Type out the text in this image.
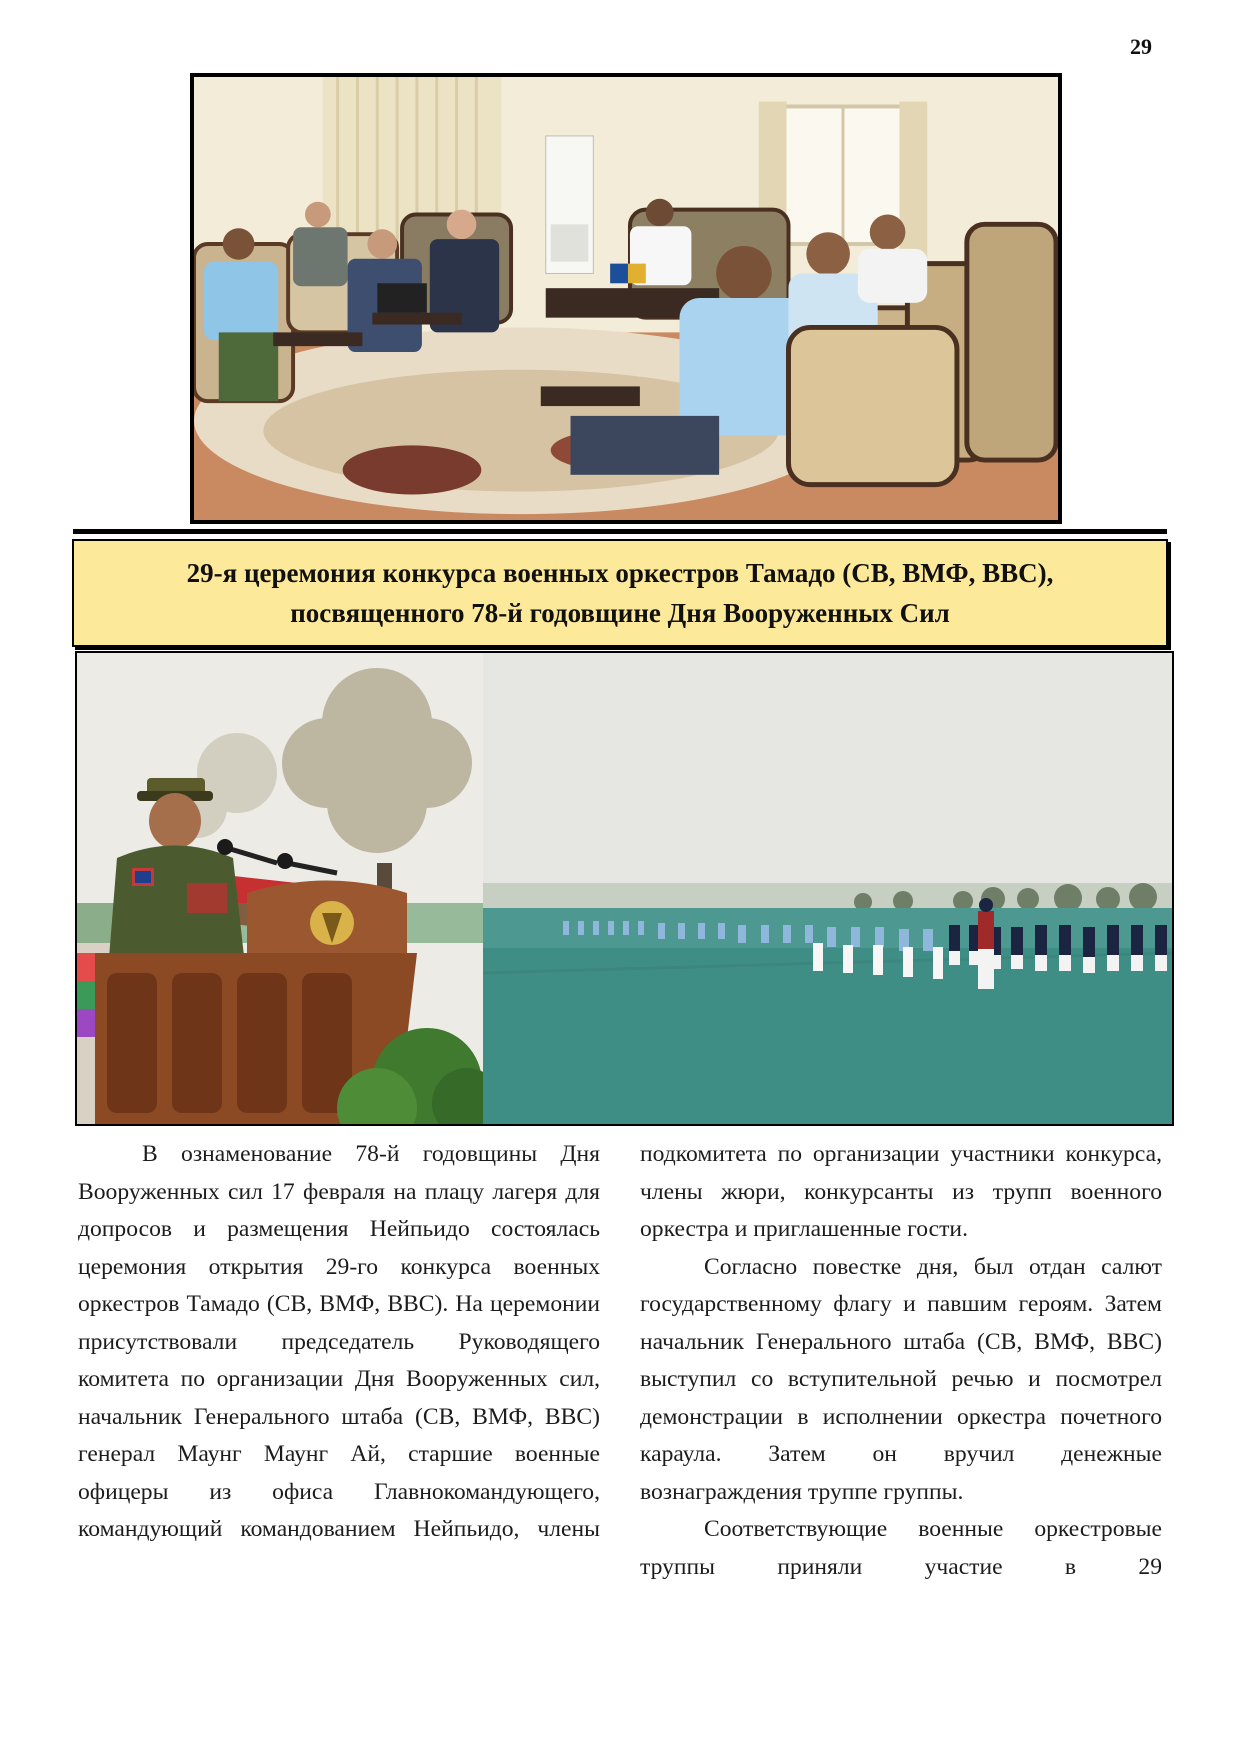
29

29-я церемония конкурса военных оркестров Тамадо (СВ, ВМФ, ВВС),

посвященного 78-й годовщине Дня Вооруженных Сил

В ознаменование 78-й годовщины Дня Вооруженных сил 17 февраля на плацу лагеря для допросов и размещения Нейпьидо состоялась церемония открытия 29-го конкурса военных оркестров Тамадо (СВ, ВМФ, ВВС). На церемонии присутствовали председатель Руководящего комитета по организации Дня Вооруженных сил, начальник Генерального штаба (СВ, ВМФ, ВВС) генерал Маунг Маунг Ай, старшие военные офицеры из офиса Главнокомандующего, командующий командованием Нейпьидо, члены

подкомитета по организации участники конкурса, члены жюри, конкурсанты из трупп военного оркестра и приглашенные гости.

Согласно повестке дня, был отдан салют государственному флагу и павшим героям. Затем начальник Генерального штаба (СВ, ВМФ, ВВС) выступил со вступительной речью и посмотрел демонстрации в исполнении оркестра почетного караула. Затем он вручил денежные вознаграждения труппе группы.

Соответствующие военные оркестровые труппы приняли участие в 29
